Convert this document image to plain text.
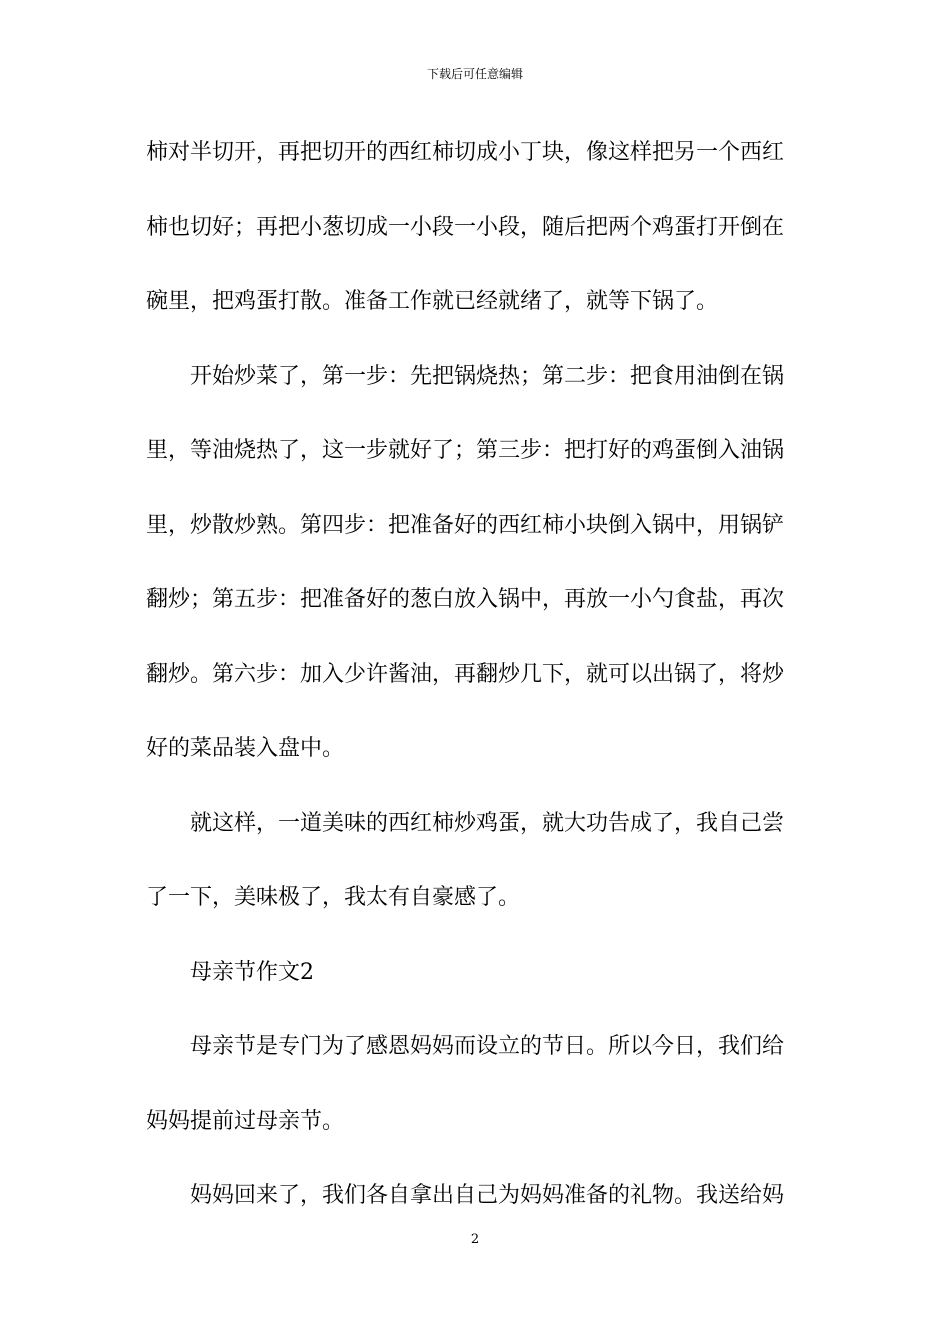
下载后可任意编辑
柿对半切开，再把切开的西红柿切成小丁块，像这样把另一个西红
柿也切好；再把小葱切成一小段一小段，随后把两个鸡蛋打开倒在
碗里，把鸡蛋打散。准备工作就已经就绪了，就等下锅了。
开始炒菜了，第一步：先把锅烧热；第二步：把食用油倒在锅
里，等油烧热了，这一步就好了；第三步：把打好的鸡蛋倒入油锅
里，炒散炒熟。第四步：把准备好的西红柿小块倒入锅中，用锅铲
翻炒；第五步：把准备好的葱白放入锅中，再放一小勺食盐，再次
翻炒。第六步：加入少许酱油，再翻炒几下，就可以出锅了，将炒
好的菜品装入盘中。
就这样，一道美味的西红柿炒鸡蛋，就大功告成了，我自己尝
了一下，美味极了，我太有自豪感了。
母亲节作文2
母亲节是专门为了感恩妈妈而设立的节日。所以今日，我们给
妈妈提前过母亲节。
妈妈回来了，我们各自拿出自己为妈妈准备的礼物。我送给妈
2
